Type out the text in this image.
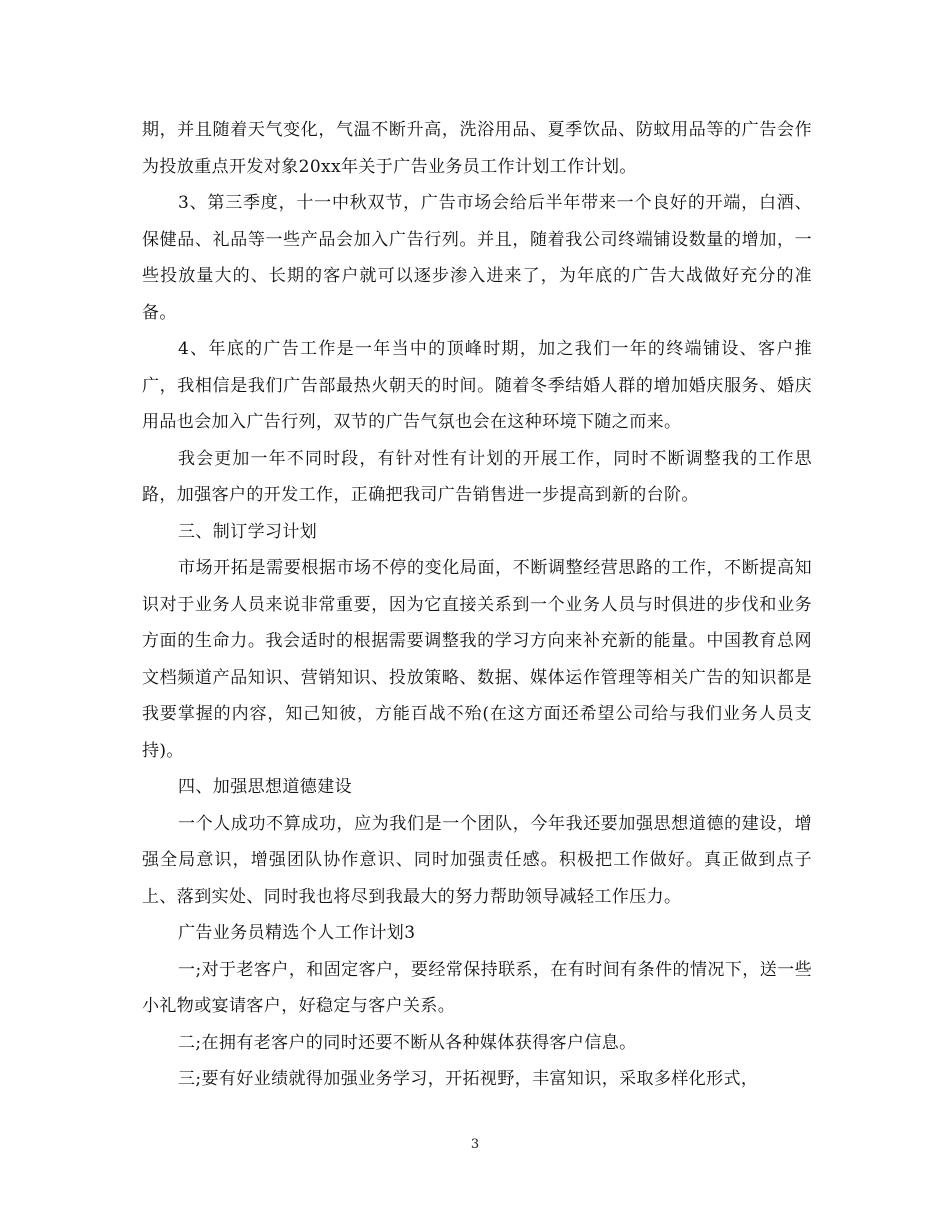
期，并且随着天气变化，气温不断升高，洗浴用品、夏季饮品、防蚊用品等的广告会作为投放重点开发对象20xx年关于广告业务员工作计划工作计划。

3、第三季度，十一中秋双节，广告市场会给后半年带来一个良好的开端，白酒、保健品、礼品等一些产品会加入广告行列。并且，随着我公司终端铺设数量的增加，一些投放量大的、长期的客户就可以逐步渗入进来了，为年底的广告大战做好充分的准备。

4、年底的广告工作是一年当中的顶峰时期，加之我们一年的终端铺设、客户推广，我相信是我们广告部最热火朝天的时间。随着冬季结婚人群的增加婚庆服务、婚庆用品也会加入广告行列，双节的广告气氛也会在这种环境下随之而来。

我会更加一年不同时段，有针对性有计划的开展工作，同时不断调整我的工作思路，加强客户的开发工作，正确把我司广告销售进一步提高到新的台阶。

三、制订学习计划

市场开拓是需要根据市场不停的变化局面，不断调整经营思路的工作，不断提高知识对于业务人员来说非常重要，因为它直接关系到一个业务人员与时俱进的步伐和业务方面的生命力。我会适时的根据需要调整我的学习方向来补充新的能量。中国教育总网文档频道产品知识、营销知识、投放策略、数据、媒体运作管理等相关广告的知识都是我要掌握的内容，知己知彼，方能百战不殆(在这方面还希望公司给与我们业务人员支持)。

四、加强思想道德建设

一个人成功不算成功，应为我们是一个团队，今年我还要加强思想道德的建设，增强全局意识，增强团队协作意识、同时加强责任感。积极把工作做好。真正做到点子上、落到实处、同时我也将尽到我最大的努力帮助领导减轻工作压力。

广告业务员精选个人工作计划3

一;对于老客户，和固定客户，要经常保持联系，在有时间有条件的情况下，送一些小礼物或宴请客户，好稳定与客户关系。

二;在拥有老客户的同时还要不断从各种媒体获得客户信息。

三;要有好业绩就得加强业务学习，开拓视野，丰富知识，采取多样化形式，

3
